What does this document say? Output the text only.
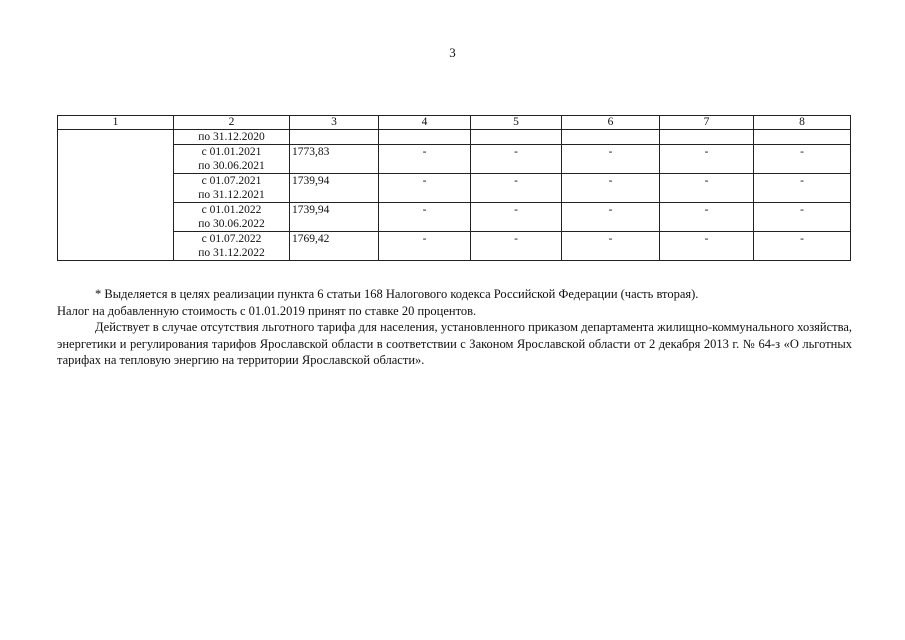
3
1	2	3	4	5	6	7	8

	по 31.12.2020						

	с 01.01.2021
по 30.06.2021	1773,83	-	-	-	-	-

	с 01.07.2021
по 31.12.2021	1739,94	-	-	-	-	-

	с 01.01.2022
по 30.06.2022	1739,94	-	-	-	-	-

	с 01.07.2022
по 31.12.2022	1769,42	-	-	-	-	-

* Выделяется в целях реализации пункта 6 статьи 168 Налогового кодекса Российской Федерации (часть вторая).

Налог на добавленную стоимость с 01.01.2019 принят по ставке 20 процентов.

Действует в случае отсутствия льготного тарифа для населения, установленного приказом департамента жилищно-коммунального хозяйства, энергетики и регулирования тарифов Ярославской области в соответствии с Законом Ярославской области от 2 декабря 2013 г. № 64-з «О льготных тарифах на тепловую энергию на территории Ярославской области».
